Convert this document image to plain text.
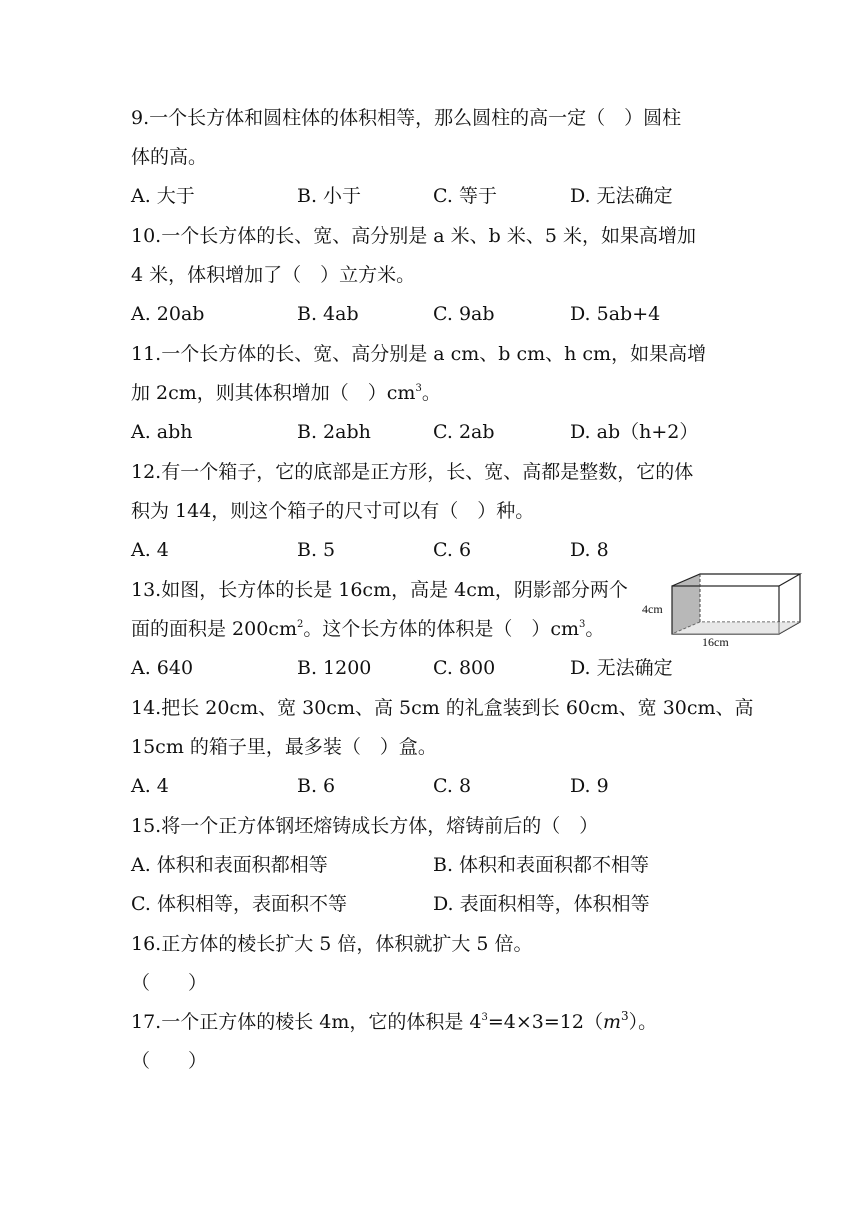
9.一个长方体和圆柱体的体积相等，那么圆柱的高一定（　）圆柱
体的高。
A. 大于	B. 小于	C. 等于	D. 无法确定
10.一个长方体的长、宽、高分别是 a 米、b 米、5 米，如果高增加
4 米，体积增加了（　）立方米。
A. 20ab	B. 4ab	C. 9ab	D. 5ab+4
11.一个长方体的长、宽、高分别是 a cm、b cm、h cm，如果高增
加 2cm，则其体积增加（　）$cm^3$。
A. abh	B. 2abh	C. 2ab	D. ab（h+2）
12.有一个箱子，它的底部是正方形，长、宽、高都是整数，它的体
积为 144，则这个箱子的尺寸可以有（　）种。
A. 4	B. 5	C. 6	D. 8
13.如图，长方体的长是 16cm，高是 4cm，阴影部分两个
面的面积是 $200cm^2$。这个长方体的体积是（　）$cm^3$。
4cm
16cm
A. 640	B. 1200	C. 800	D. 无法确定
14.把长 20cm、宽 30cm、高 5cm 的礼盒装到长 60cm、宽 30cm、高
15cm 的箱子里，最多装（　）盒。
A. 4	B. 6	C. 8	D. 9
15.将一个正方体钢坯熔铸成长方体，熔铸前后的（　）
A. 体积和表面积都相等	B. 体积和表面积都不相等
C. 体积相等，表面积不等	D. 表面积相等，体积相等
16.正方体的棱长扩大 5 倍，体积就扩大 5 倍。
（　　）
17.一个正方体的棱长 4m，它的体积是 $4^3=4\times 3=12(m^3)$。
（　　）
